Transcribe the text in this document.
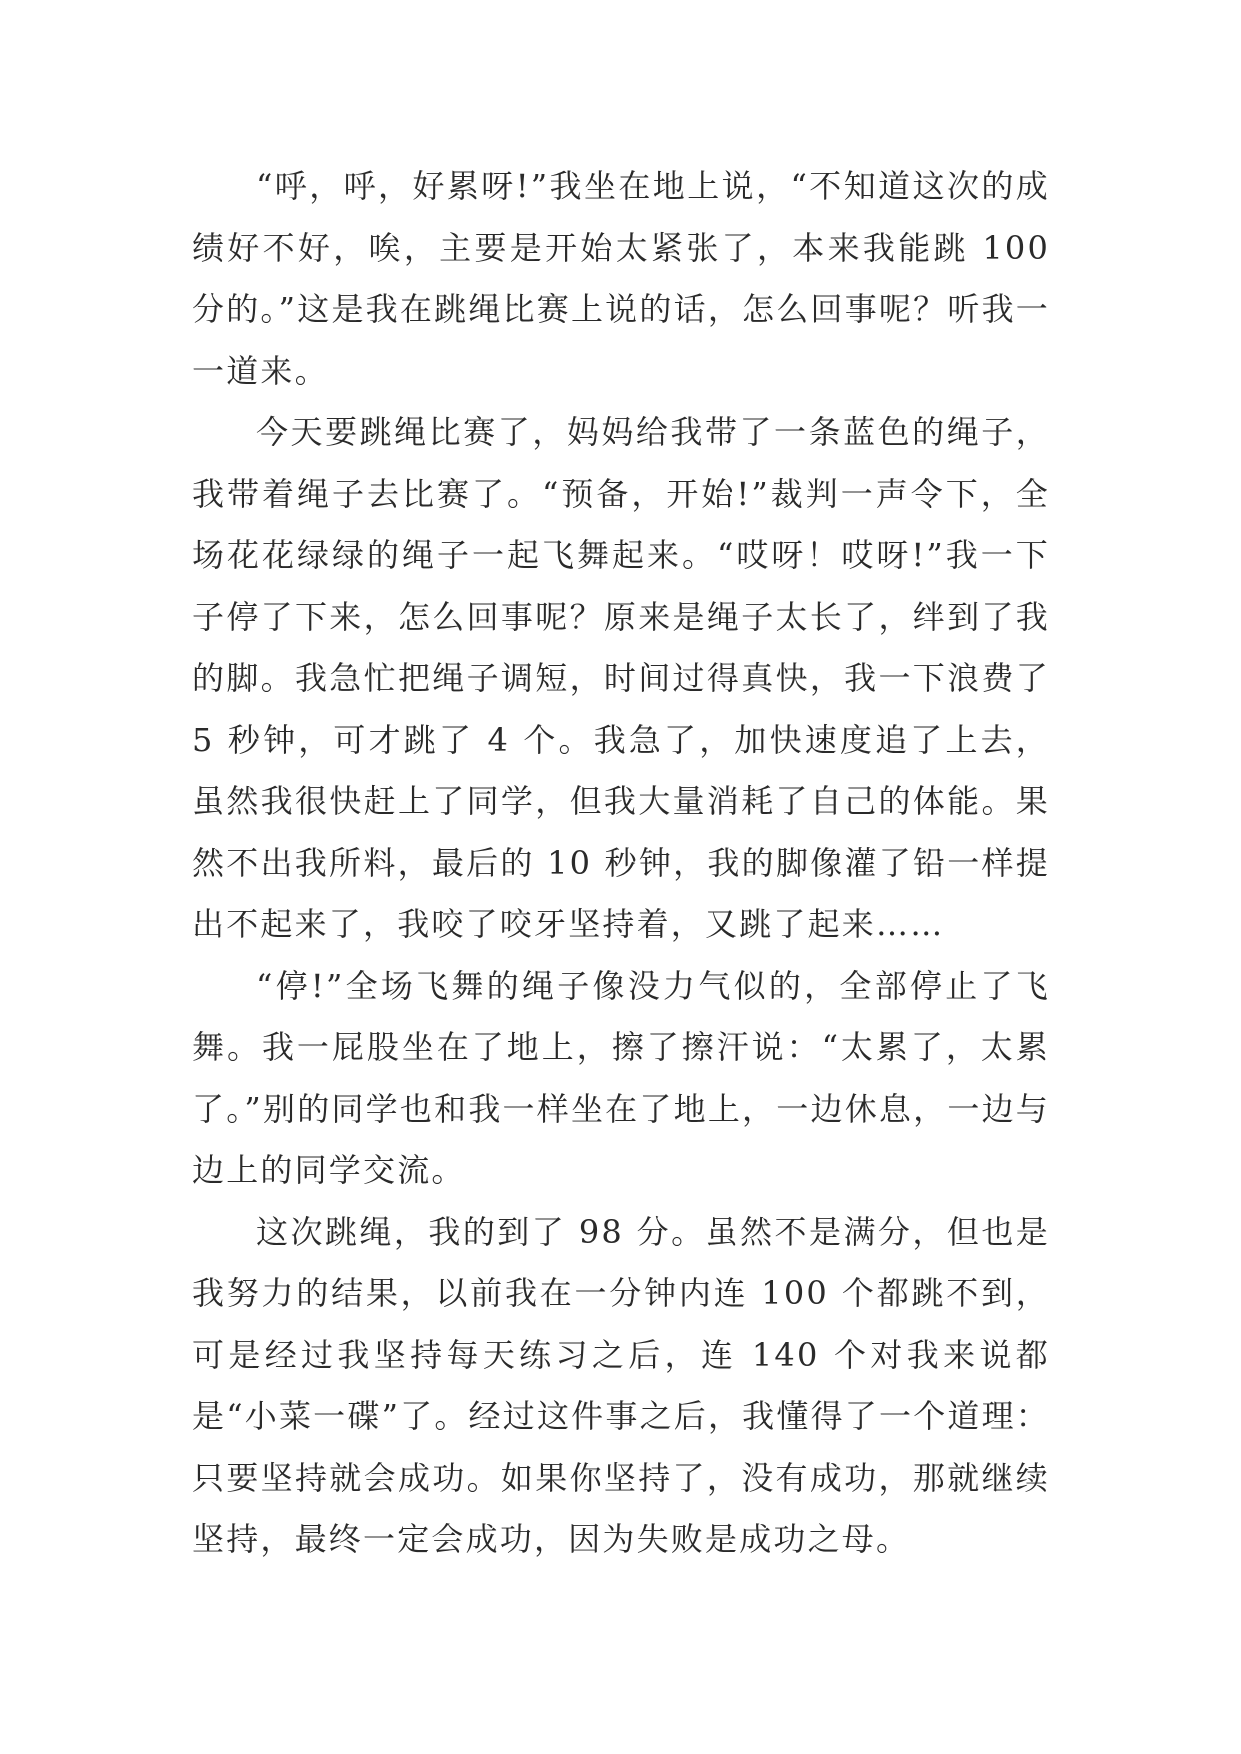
“呼，呼，好累呀!”我坐在地上说，“不知道这次的成绩好不好，唉，主要是开始太紧张了，本来我能跳 100 分的。”这是我在跳绳比赛上说的话，怎么回事呢？听我一一道来。

今天要跳绳比赛了，妈妈给我带了一条蓝色的绳子，我带着绳子去比赛了。“预备，开始!”裁判一声令下，全场花花绿绿的绳子一起飞舞起来。“哎呀！哎呀!”我一下子停了下来，怎么回事呢？原来是绳子太长了，绊到了我的脚。我急忙把绳子调短，时间过得真快，我一下浪费了 5 秒钟，可才跳了 4 个。我急了，加快速度追了上去，虽然我很快赶上了同学，但我大量消耗了自己的体能。果然不出我所料，最后的 10 秒钟，我的脚像灌了铅一样提出不起来了，我咬了咬牙坚持着，又跳了起来……

“停!”全场飞舞的绳子像没力气似的，全部停止了飞舞。我一屁股坐在了地上，擦了擦汗说：“太累了，太累了。”别的同学也和我一样坐在了地上，一边休息，一边与边上的同学交流。

这次跳绳，我的到了 98 分。虽然不是满分，但也是我努力的结果，以前我在一分钟内连 100 个都跳不到，可是经过我坚持每天练习之后，连 140 个对我来说都是“小菜一碟”了。经过这件事之后，我懂得了一个道理：只要坚持就会成功。如果你坚持了，没有成功，那就继续坚持，最终一定会成功，因为失败是成功之母。
